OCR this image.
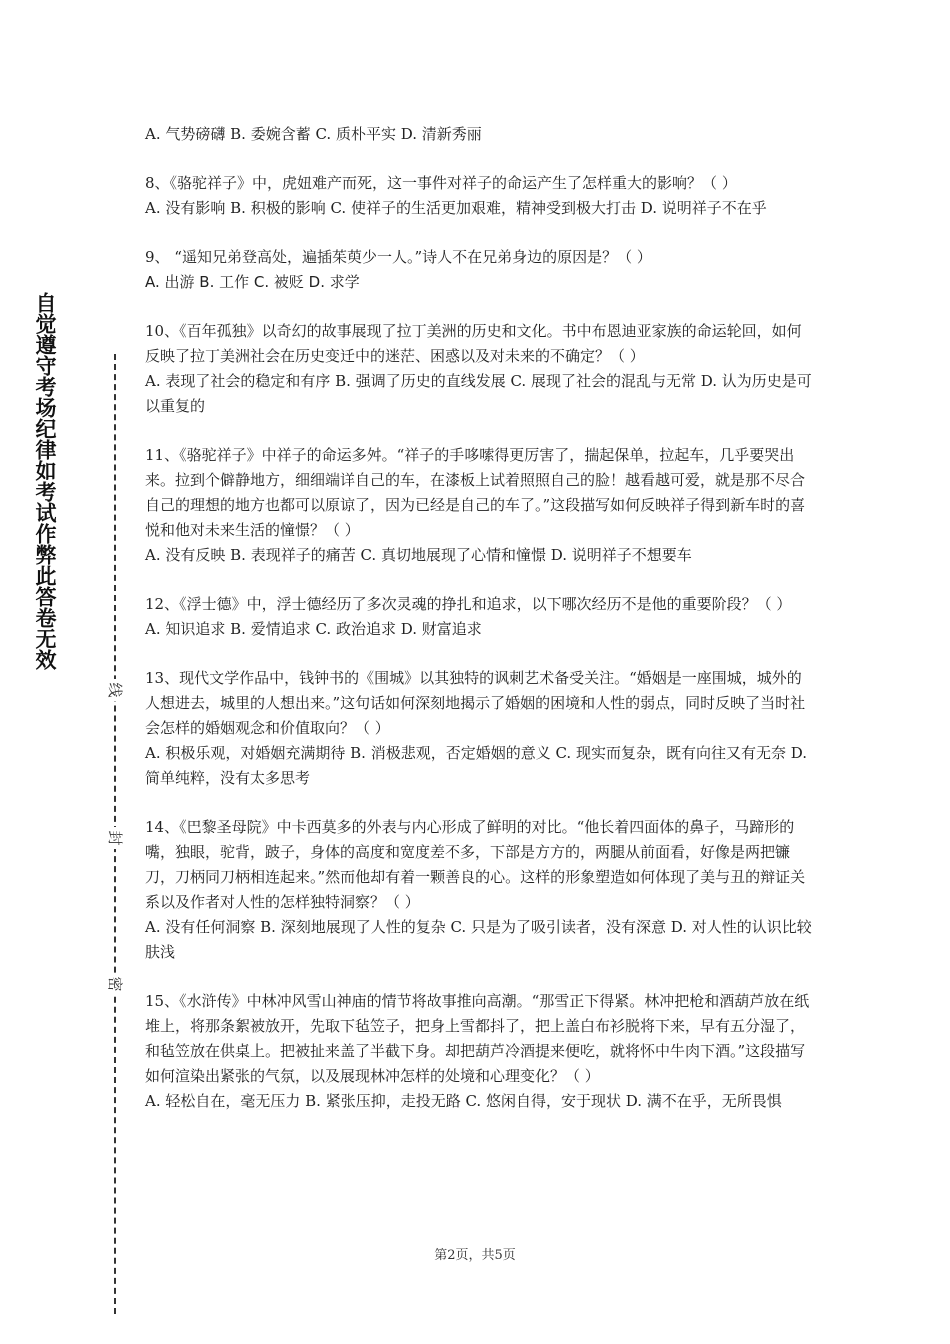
自觉遵守考场纪律如考试作弊此答卷无效
线
封
密

A. 气势磅礴 B. 委婉含蓄 C. 质朴平实 D. 清新秀丽

8、《骆驼祥子》中，虎妞难产而死，这一事件对祥子的命运产生了怎样重大的影响？（ ）

A. 没有影响 B. 积极的影响 C. 使祥子的生活更加艰难，精神受到极大打击 D. 说明祥子不在乎

9、 “遥知兄弟登高处，遍插茱萸少一人。”诗人不在兄弟身边的原因是？（ ）

A. 出游 B. 工作 C. 被贬 D. 求学

10、《百年孤独》以奇幻的故事展现了拉丁美洲的历史和文化。书中布恩迪亚家族的命运轮回，如何反映了拉丁美洲社会在历史变迁中的迷茫、困惑以及对未来的不确定？（ ）

A. 表现了社会的稳定和有序 B. 强调了历史的直线发展 C. 展现了社会的混乱与无常 D. 认为历史是可以重复的

11、《骆驼祥子》中祥子的命运多舛。“祥子的手哆嗦得更厉害了，揣起保单，拉起车，几乎要哭出来。拉到个僻静地方，细细端详自己的车，在漆板上试着照照自己的脸！越看越可爱，就是那不尽合自己的理想的地方也都可以原谅了，因为已经是自己的车了。”这段描写如何反映祥子得到新车时的喜悦和他对未来生活的憧憬？（ ）

A. 没有反映 B. 表现祥子的痛苦 C. 真切地展现了心情和憧憬 D. 说明祥子不想要车

12、《浮士德》中，浮士德经历了多次灵魂的挣扎和追求，以下哪次经历不是他的重要阶段？（ ）

A. 知识追求 B. 爱情追求 C. 政治追求 D. 财富追求

13、现代文学作品中，钱钟书的《围城》以其独特的讽刺艺术备受关注。“婚姻是一座围城，城外的人想进去，城里的人想出来。”这句话如何深刻地揭示了婚姻的困境和人性的弱点，同时反映了当时社会怎样的婚姻观念和价值取向？（ ）

A. 积极乐观，对婚姻充满期待 B. 消极悲观，否定婚姻的意义 C. 现实而复杂，既有向往又有无奈 D. 简单纯粹，没有太多思考

14、《巴黎圣母院》中卡西莫多的外表与内心形成了鲜明的对比。“他长着四面体的鼻子，马蹄形的嘴，独眼，驼背，跛子，身体的高度和宽度差不多，下部是方方的，两腿从前面看，好像是两把镰刀，刀柄同刀柄相连起来。”然而他却有着一颗善良的心。这样的形象塑造如何体现了美与丑的辩证关系以及作者对人性的怎样独特洞察？（ ）

A. 没有任何洞察 B. 深刻地展现了人性的复杂 C. 只是为了吸引读者，没有深意 D. 对人性的认识比较肤浅

15、《水浒传》中林冲风雪山神庙的情节将故事推向高潮。“那雪正下得紧。林冲把枪和酒葫芦放在纸堆上，将那条絮被放开，先取下毡笠子，把身上雪都抖了，把上盖白布衫脱将下来，早有五分湿了，和毡笠放在供桌上。把被扯来盖了半截下身。却把葫芦冷酒提来便吃，就将怀中牛肉下酒。”这段描写如何渲染出紧张的气氛，以及展现林冲怎样的处境和心理变化？（ ）

A. 轻松自在，毫无压力 B. 紧张压抑，走投无路 C. 悠闲自得，安于现状 D. 满不在乎，无所畏惧

第2页，共5页
